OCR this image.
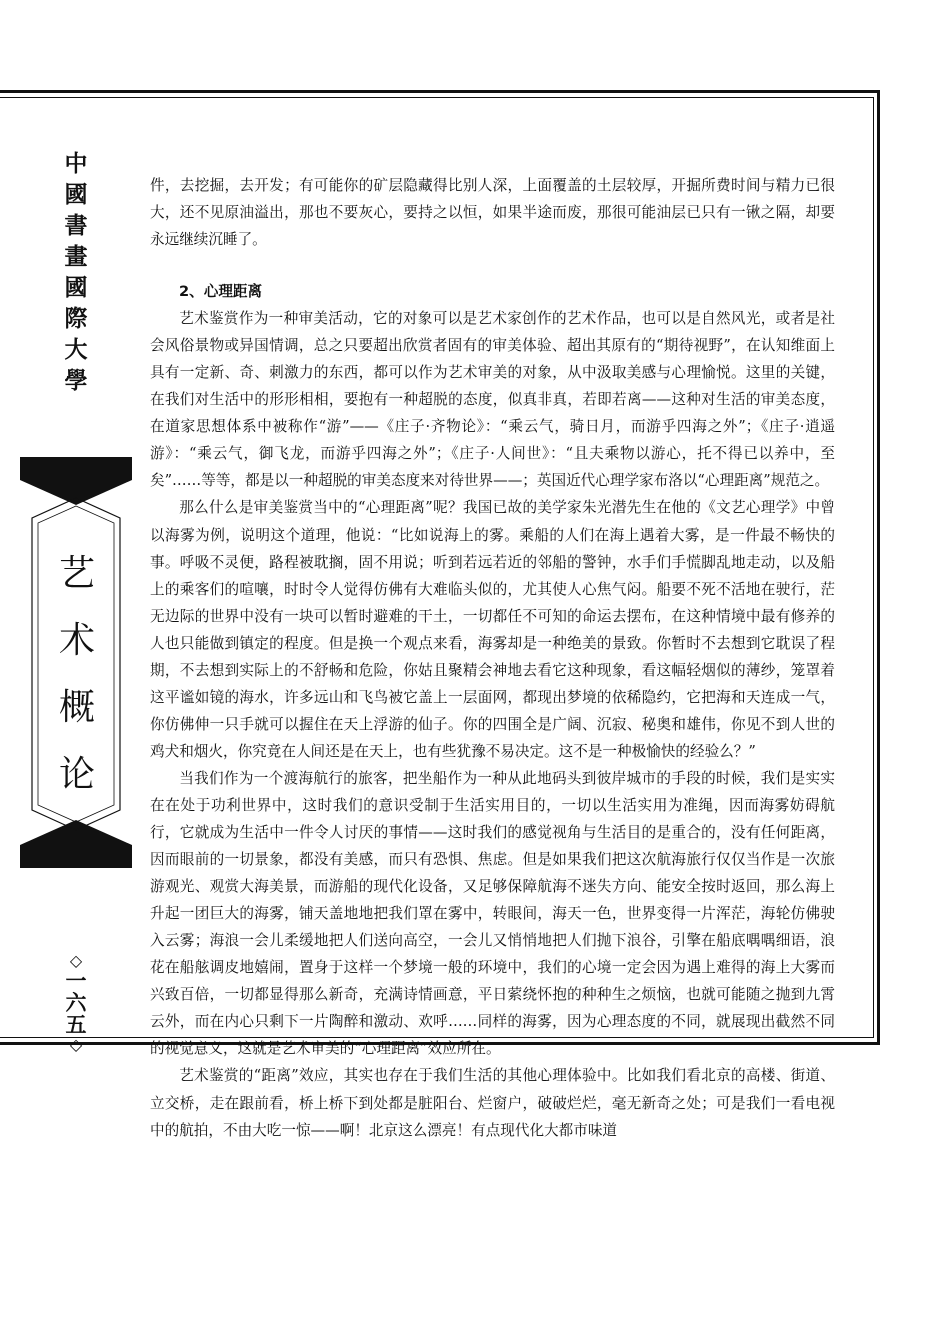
中
國
書
畫
國
際
大
學
艺
术
概
论
◇
一
六
五
◇

件，去挖掘，去开发；有可能你的矿层隐藏得比别人深，上面覆盖的土层较厚，开掘所费时间与精力已很大，还不见原油溢出，那也不要灰心，要持之以恒，如果半途而废，那很可能油层已只有一锹之隔，却要永远继续沉睡了。

2、心理距离

艺术鉴赏作为一种审美活动，它的对象可以是艺术家创作的艺术作品，也可以是自然风光，或者是社会风俗景物或异国情调，总之只要超出欣赏者固有的审美体验、超出其原有的“期待视野”，在认知维面上具有一定新、奇、刺激力的东西，都可以作为艺术审美的对象，从中汲取美感与心理愉悦。这里的关键，在我们对生活中的形形相相，要抱有一种超脱的态度，似真非真，若即若离——这种对生活的审美态度，在道家思想体系中被称作“游”——《庄子·齐物论》：“乘云气，骑日月，而游乎四海之外”；《庄子·逍遥游》：“乘云气，御飞龙，而游乎四海之外”；《庄子·人间世》：“且夫乘物以游心，托不得已以养中，至矣”……等等，都是以一种超脱的审美态度来对待世界——；英国近代心理学家布洛以“心理距离”规范之。

那么什么是审美鉴赏当中的“心理距离”呢？我国已故的美学家朱光潜先生在他的《文艺心理学》中曾以海雾为例，说明这个道理，他说：“比如说海上的雾。乘船的人们在海上遇着大雾，是一件最不畅快的事。呼吸不灵便，路程被耽搁，固不用说；听到若远若近的邻船的警钟，水手们手慌脚乱地走动，以及船上的乘客们的喧嚷，时时令人觉得仿佛有大难临头似的，尤其使人心焦气闷。船要不死不活地在驶行，茫无边际的世界中没有一块可以暂时避难的干土，一切都任不可知的命运去摆布，在这种情境中最有修养的人也只能做到镇定的程度。但是换一个观点来看，海雾却是一种绝美的景致。你暂时不去想到它耽误了程期，不去想到实际上的不舒畅和危险，你姑且聚精会神地去看它这种现象，看这幅轻烟似的薄纱，笼罩着这平谧如镜的海水，许多远山和飞鸟被它盖上一层面网，都现出梦境的依稀隐约，它把海和天连成一气，你仿佛伸一只手就可以握住在天上浮游的仙子。你的四围全是广阔、沉寂、秘奥和雄伟，你见不到人世的鸡犬和烟火，你究竟在人间还是在天上，也有些犹豫不易决定。这不是一种极愉快的经验么？”

当我们作为一个渡海航行的旅客，把坐船作为一种从此地码头到彼岸城市的手段的时候，我们是实实在在处于功利世界中，这时我们的意识受制于生活实用目的，一切以生活实用为准绳，因而海雾妨碍航行，它就成为生活中一件令人讨厌的事情——这时我们的感觉视角与生活目的是重合的，没有任何距离，因而眼前的一切景象，都没有美感，而只有恐惧、焦虑。但是如果我们把这次航海旅行仅仅当作是一次旅游观光、观赏大海美景，而游船的现代化设备，又足够保障航海不迷失方向、能安全按时返回，那么海上升起一团巨大的海雾，铺天盖地地把我们罩在雾中，转眼间，海天一色，世界变得一片浑茫，海轮仿佛驶入云雾；海浪一会儿柔缓地把人们送向高空，一会儿又悄悄地把人们抛下浪谷，引擎在船底喁喁细语，浪花在船舷调皮地嬉闹，置身于这样一个梦境一般的环境中，我们的心境一定会因为遇上难得的海上大雾而兴致百倍，一切都显得那么新奇，充满诗情画意，平日萦绕怀抱的种种生之烦恼，也就可能随之抛到九霄云外，而在内心只剩下一片陶醉和激动、欢呼……同样的海雾，因为心理态度的不同，就展现出截然不同的视觉意义，这就是艺术审美的“心理距离”效应所在。

艺术鉴赏的“距离”效应，其实也存在于我们生活的其他心理体验中。比如我们看北京的高楼、街道、立交桥，走在跟前看，桥上桥下到处都是脏阳台、烂窗户，破破烂烂，毫无新奇之处；可是我们一看电视中的航拍，不由大吃一惊——啊！北京这么漂亮！有点现代化大都市味道
